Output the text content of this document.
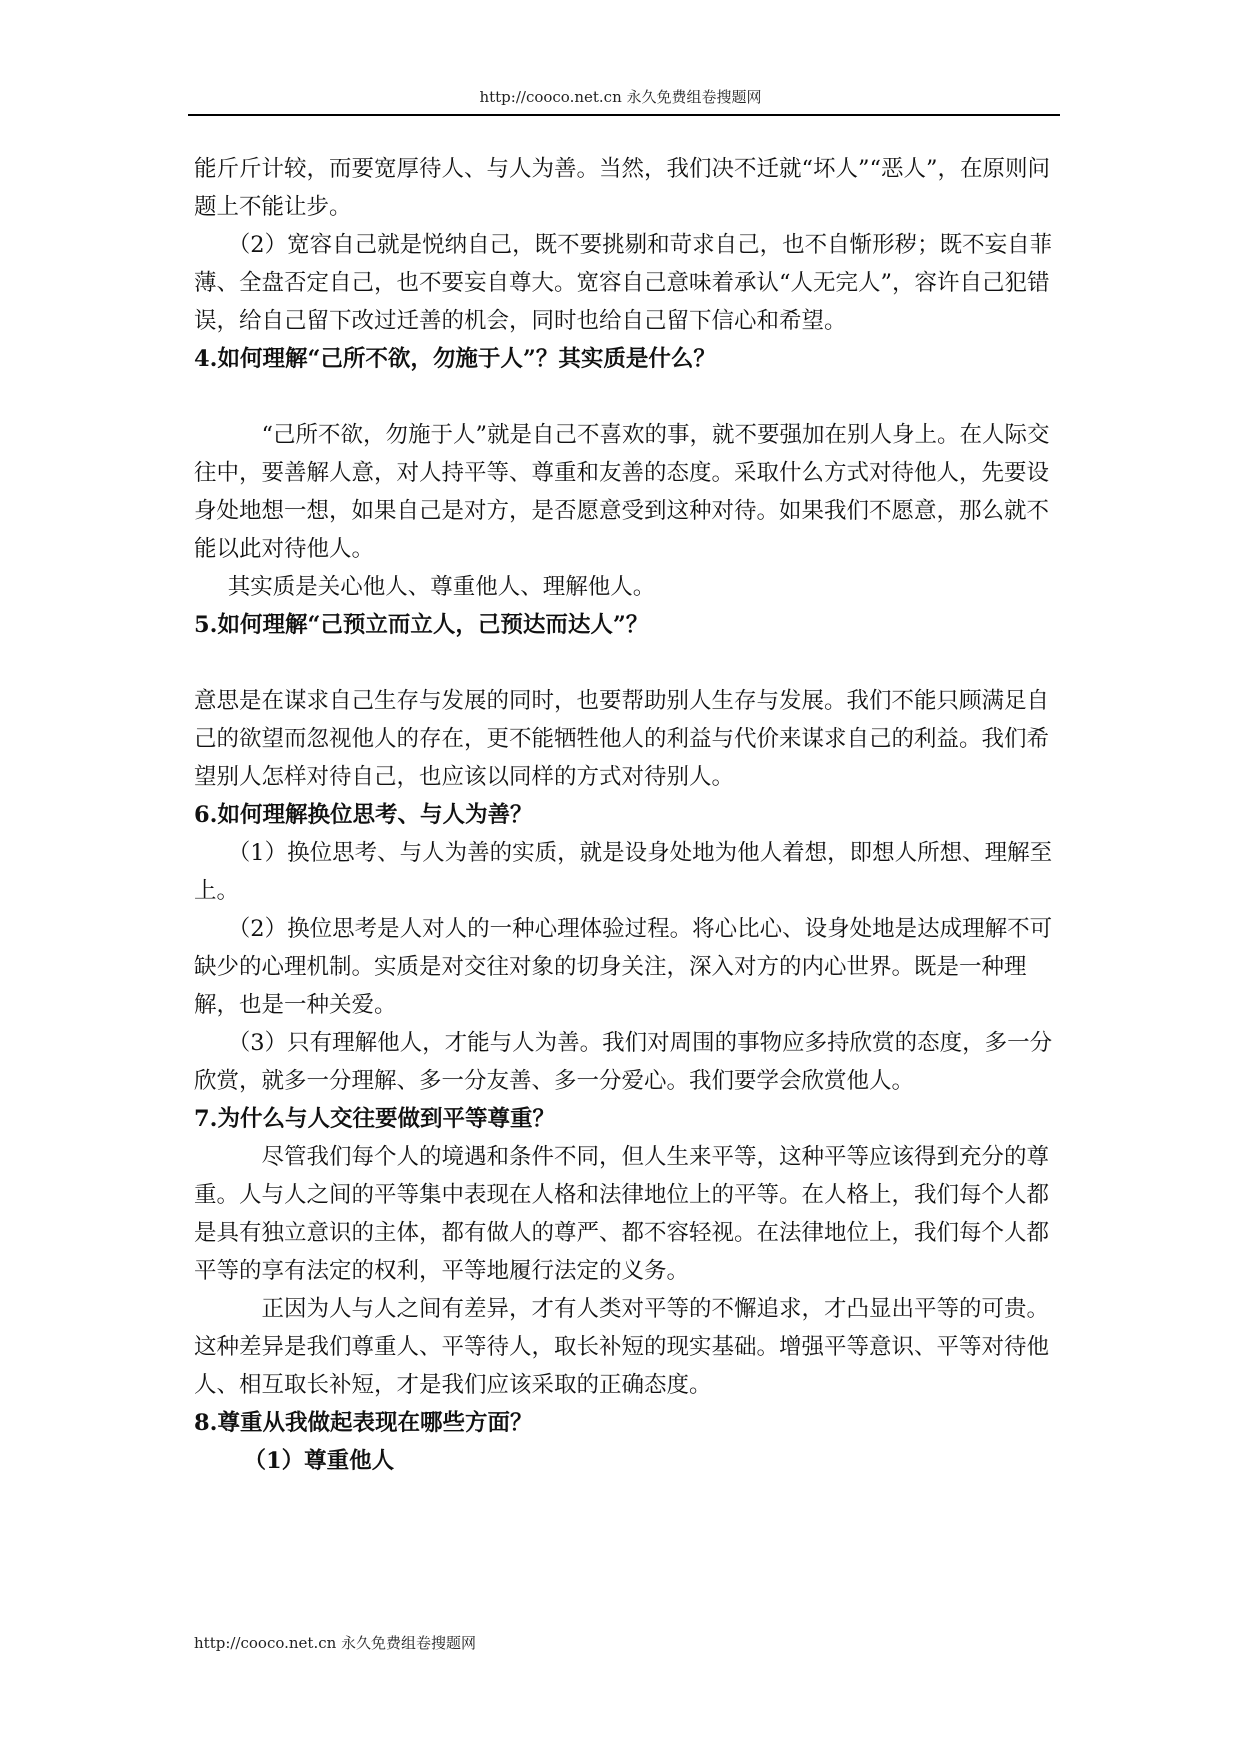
http://cooco.net.cn 永久免费组卷搜题网

能斤斤计较，而要宽厚待人、与人为善。当然，我们决不迁就“坏人”“恶人”，在原则问题上不能让步。

（2）宽容自己就是悦纳自己，既不要挑剔和苛求自己，也不自惭形秽；既不妄自菲薄、全盘否定自己，也不要妄自尊大。宽容自己意味着承认“人无完人”，容许自己犯错误，给自己留下改过迁善的机会，同时也给自己留下信心和希望。

4.如何理解“己所不欲，勿施于人”？其实质是什么？

“己所不欲，勿施于人”就是自己不喜欢的事，就不要强加在别人身上。在人际交往中，要善解人意，对人持平等、尊重和友善的态度。采取什么方式对待他人，先要设身处地想一想，如果自己是对方，是否愿意受到这种对待。如果我们不愿意，那么就不能以此对待他人。

其实质是关心他人、尊重他人、理解他人。

5.如何理解“己预立而立人，己预达而达人”？

意思是在谋求自己生存与发展的同时，也要帮助别人生存与发展。我们不能只顾满足自己的欲望而忽视他人的存在，更不能牺牲他人的利益与代价来谋求自己的利益。我们希望别人怎样对待自己，也应该以同样的方式对待别人。

6.如何理解换位思考、与人为善？

（1）换位思考、与人为善的实质，就是设身处地为他人着想，即想人所想、理解至上。

（2）换位思考是人对人的一种心理体验过程。将心比心、设身处地是达成理解不可缺少的心理机制。实质是对交往对象的切身关注，深入对方的内心世界。既是一种理解，也是一种关爱。

（3）只有理解他人，才能与人为善。我们对周围的事物应多持欣赏的态度，多一分欣赏，就多一分理解、多一分友善、多一分爱心。我们要学会欣赏他人。

7.为什么与人交往要做到平等尊重？

尽管我们每个人的境遇和条件不同，但人生来平等，这种平等应该得到充分的尊重。人与人之间的平等集中表现在人格和法律地位上的平等。在人格上，我们每个人都是具有独立意识的主体，都有做人的尊严、都不容轻视。在法律地位上，我们每个人都平等的享有法定的权利，平等地履行法定的义务。

正因为人与人之间有差异，才有人类对平等的不懈追求，才凸显出平等的可贵。这种差异是我们尊重人、平等待人，取长补短的现实基础。增强平等意识、平等对待他人、相互取长补短，才是我们应该采取的正确态度。

8.尊重从我做起表现在哪些方面？

（1）尊重他人

http://cooco.net.cn 永久免费组卷搜题网
